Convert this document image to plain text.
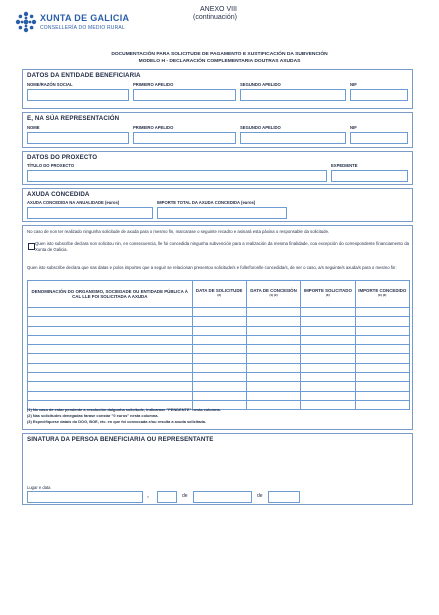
XUNTA DE GALICIA
CONSELLERÍA DO MEDIO RURAL
ANEXO VIII
(continuación)
DOCUMENTACIÓN PARA SOLICITUDE DE PAGAMENTO E XUSTIFICACIÓN DA SUBVENCIÓN
MODELO H - DECLARACIÓN COMPLEMENTARIA DOUTRAS AXUDAS
DATOS DA ENTIDADE BENEFICIARIA
NOME/RAZÓN SOCIAL	PRIMEIRO APELIDO	SEGUNDO APELIDO	NIF
E, NA SÚA REPRESENTACIÓN
NOME	PRIMEIRO APELIDO	SEGUNDO APELIDO	NIF
DATOS DO PROXECTO
TÍTULO DO PROXECTO	EXPEDIENTE
AXUDA CONCEDIDA
AXUDA CONCEDIDA NA ANUALIDADE (euros)	IMPORTE TOTAL DA AXUDA CONCEDIDA (euros)
No caso de non ter realizado ningunha solicitude de axuda para o mesmo fin, marcarase o seguinte recadro e asinará esta páxina o responsable da solicitude.
Quen isto subscribe declara non solicitou nin, en consecuencia, lle foi concedida ningunha subvención para a realización da mesma finalidade, coa excepción do correspondente financiamento da Xunta de Galicia.
Quen isto subscribe declara que nas datas e polos importes que a seguir se relacionan presentou solicitude/s e folle/foronlle concedida/s, de ser o caso, a/s seguinte/s axuda/s para o mesmo fin:
DENOMINACIÓN DO ORGANISMO, SOCIEDADE OU ENTIDADE PÚBLICA Á CAL LLE FOI SOLICITADA A AXUDA	DATA DE SOLICITUDE $^{(2)}$	DATA DE CONCESIÓN $^{(1) (2)}$	IMPORTE SOLICITADO (€)	IMPORTE CONCEDIDO $^{(€) (3)}$

(1) No caso de estar pendente a resolución dalgunha solicitude, indicarase "PENDENTE" nesta columna.
(2) Nas solicitudes denegadas farase constar "0 euros" nesta columna.
(3) Especifíquese data/s do DOG, BOE, etc. en que foi convocada e/ou resolta a axuda solicitada.
SINATURA DA PERSOA BENEFICIARIA OU REPRESENTANTE
Lugar e data
,	de	de
